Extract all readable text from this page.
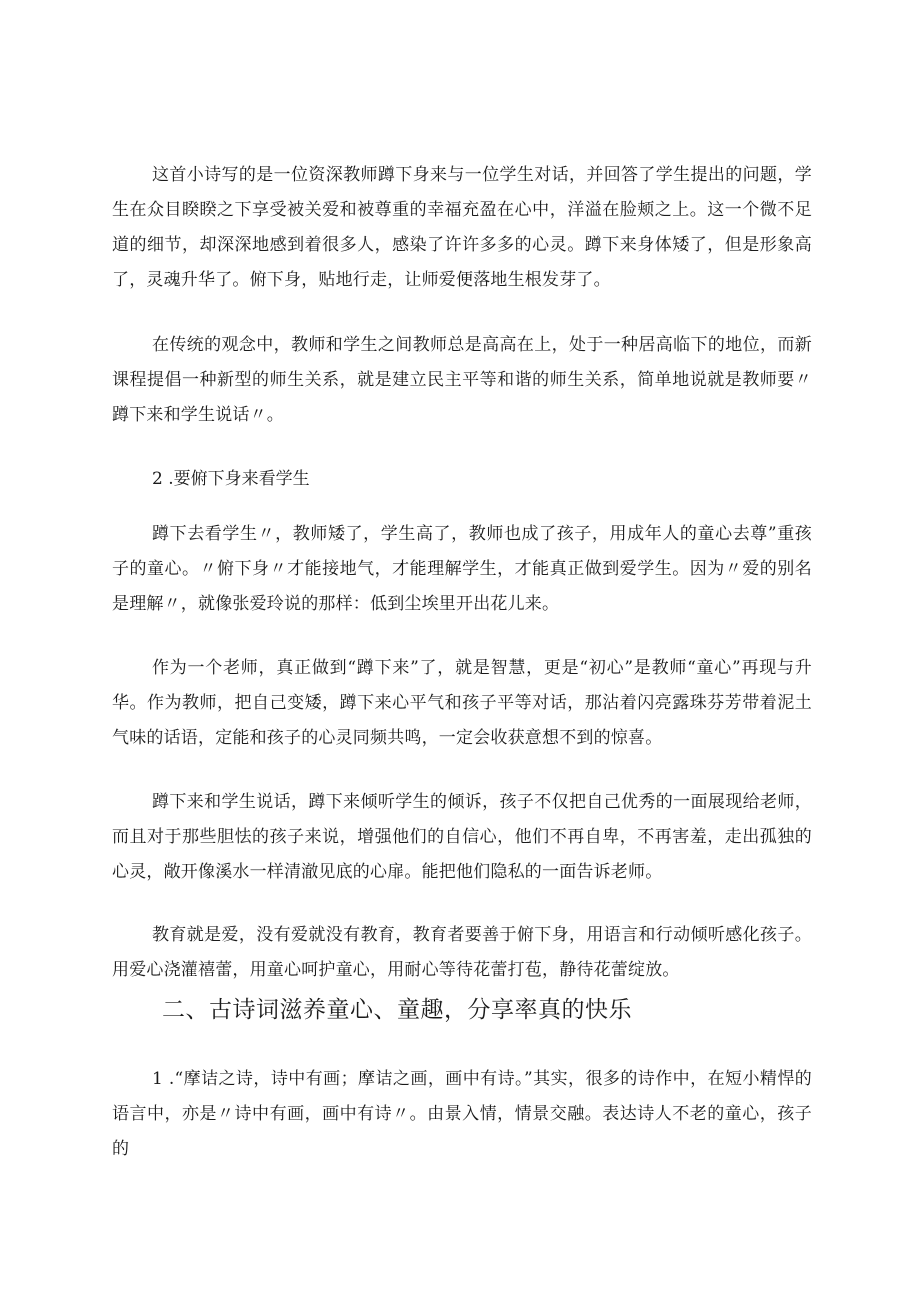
这首小诗写的是一位资深教师蹲下身来与一位学生对话，并回答了学生提出的问题，学生在众目睽睽之下享受被关爱和被尊重的幸福充盈在心中，洋溢在脸颊之上。这一个微不足道的细节，却深深地感到着很多人，感染了许许多多的心灵。蹲下来身体矮了，但是形象高了，灵魂升华了。俯下身，贴地行走，让师爱便落地生根发芽了。

在传统的观念中，教师和学生之间教师总是高高在上，处于一种居高临下的地位，而新课程提倡一种新型的师生关系，就是建立民主平等和谐的师生关系，简单地说就是教师要〃蹲下来和学生说话〃。

2 .要俯下身来看学生

蹲下去看学生〃，教师矮了，学生高了，教师也成了孩子，用成年人的童心去尊”重孩子的童心。〃俯下身〃才能接地气，才能理解学生，才能真正做到爱学生。因为〃爱的别名是理解〃，就像张爱玲说的那样：低到尘埃里开出花儿来。

作为一个老师，真正做到“蹲下来”了，就是智慧，更是“初心”是教师“童心”再现与升华。作为教师，把自己变矮，蹲下来心平气和孩子平等对话，那沾着闪亮露珠芬芳带着泥土气味的话语，定能和孩子的心灵同频共鸣，一定会收获意想不到的惊喜。

蹲下来和学生说话，蹲下来倾听学生的倾诉，孩子不仅把自己优秀的一面展现给老师，而且对于那些胆怯的孩子来说，增强他们的自信心，他们不再自卑，不再害羞，走出孤独的心灵，敞开像溪水一样清澈见底的心扉。能把他们隐私的一面告诉老师。

教育就是爱，没有爱就没有教育，教育者要善于俯下身，用语言和行动倾听感化孩子。用爱心浇灌禧蕾，用童心呵护童心，用耐心等待花蕾打苞，静待花蕾绽放。

二、古诗词滋养童心、童趣，分享率真的快乐

1 .“摩诘之诗，诗中有画；摩诘之画，画中有诗。”其实，很多的诗作中，在短小精悍的语言中，亦是〃诗中有画，画中有诗〃。由景入情，情景交融。表达诗人不老的童心，孩子的
